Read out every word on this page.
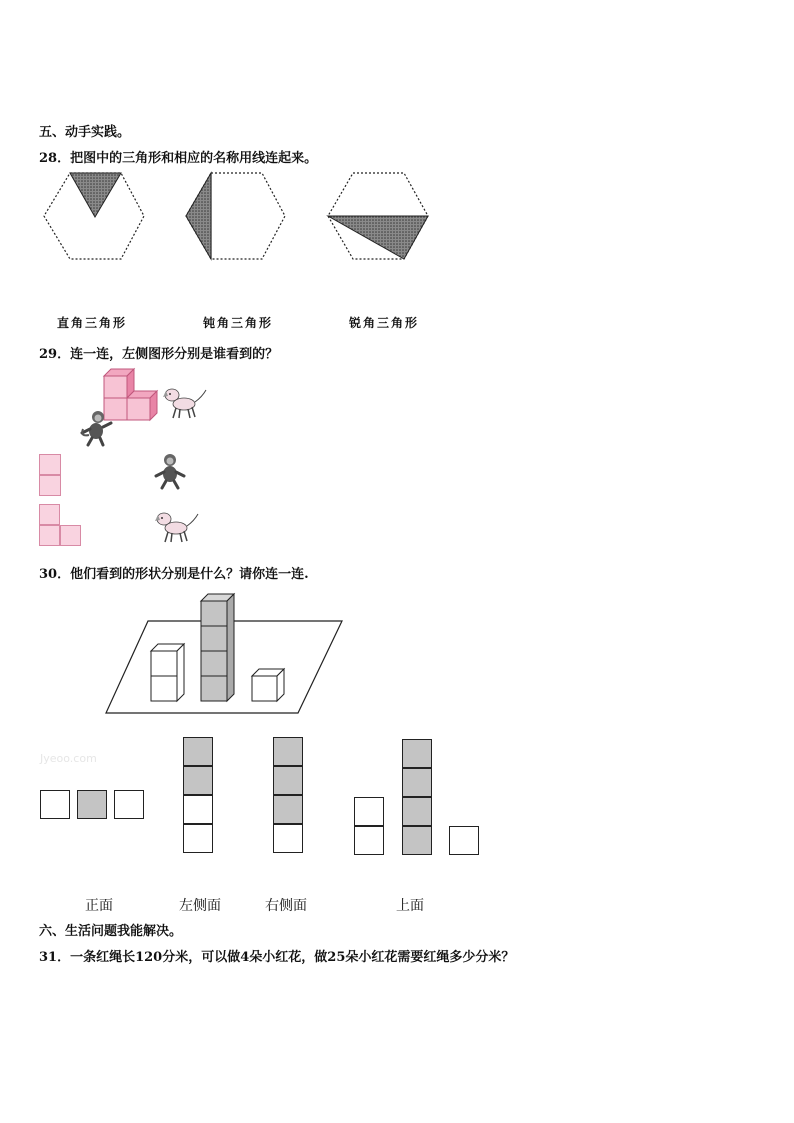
五、动手实践。
28．把图中的三角形和相应的名称用线连起来。
直角三角形	钝角三角形	锐角三角形
29．连一连，左侧图形分别是谁看到的？
30．他们看到的形状分别是什么？请你连一连.
Jyeoo.com
正面	左侧面	右侧面	上面
六、生活问题我能解决。
31．一条红绳长120分米，可以做4朵小红花，做25朵小红花需要红绳多少分米？
